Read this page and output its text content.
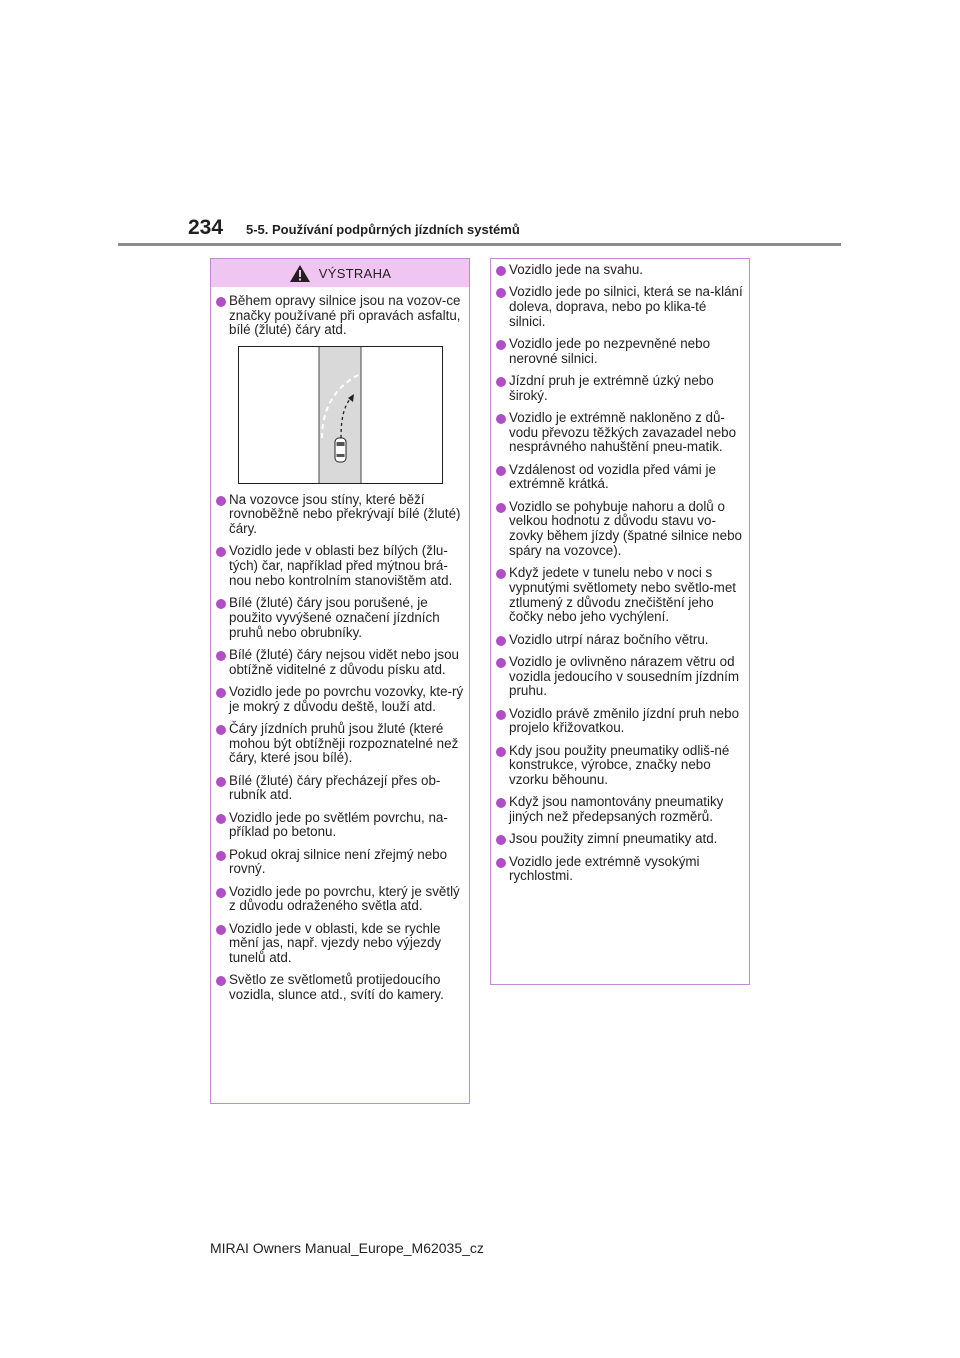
234 5-5. Používání podpůrných jízdních systémů
VÝSTRAHA
Během opravy silnice jsou na vozov-ce značky používané při opravách asfaltu, bílé (žluté) čáry atd.
Na vozovce jsou stíny, které běží rovnoběžně nebo překrývají bílé (žluté) čáry.
Vozidlo jede v oblasti bez bílých (žlu-tých) čar, například před mýtnou brá-nou nebo kontrolním stanovištěm atd.
Bílé (žluté) čáry jsou porušené, je použito vyvýšené označení jízdních pruhů nebo obrubníky.
Bílé (žluté) čáry nejsou vidět nebo jsou obtížně viditelné z důvodu písku atd.
Vozidlo jede po povrchu vozovky, kte-rý je mokrý z důvodu deště, louží atd.
Čáry jízdních pruhů jsou žluté (které mohou být obtížněji rozpoznatelné než čáry, které jsou bílé).
Bílé (žluté) čáry přecházejí přes ob-rubník atd.
Vozidlo jede po světlém povrchu, na-příklad po betonu.
Pokud okraj silnice není zřejmý nebo rovný.
Vozidlo jede po povrchu, který je světlý z důvodu odraženého světla atd.
Vozidlo jede v oblasti, kde se rychle mění jas, např. vjezdy nebo výjezdy tunelů atd.
Světlo ze světlometů protijedoucího vozidla, slunce atd., svítí do kamery.
Vozidlo jede na svahu.
Vozidlo jede po silnici, která se na-klání doleva, doprava, nebo po klika-té silnici.
Vozidlo jede po nezpevněné nebo nerovné silnici.
Jízdní pruh je extrémně úzký nebo široký.
Vozidlo je extrémně nakloněno z dů-vodu převozu těžkých zavazadel nebo nesprávného nahuštění pneu-matik.
Vzdálenost od vozidla před vámi je extrémně krátká.
Vozidlo se pohybuje nahoru a dolů o velkou hodnotu z důvodu stavu vo-zovky během jízdy (špatné silnice nebo spáry na vozovce).
Když jedete v tunelu nebo v noci s vypnutými světlomety nebo světlo-met ztlumený z důvodu znečištění jeho čočky nebo jeho vychýlení.
Vozidlo utrpí náraz bočního větru.
Vozidlo je ovlivněno nárazem větru od vozidla jedoucího v sousedním jízdním pruhu.
Vozidlo právě změnilo jízdní pruh nebo projelo křižovatkou.
Kdy jsou použity pneumatiky odliš-né konstrukce, výrobce, značky nebo vzorku běhounu.
Když jsou namontovány pneumatiky jiných než předepsaných rozměrů.
Jsou použity zimní pneumatiky atd.
Vozidlo jede extrémně vysokými rychlostmi.
MIRAI Owners Manual_Europe_M62035_cz
